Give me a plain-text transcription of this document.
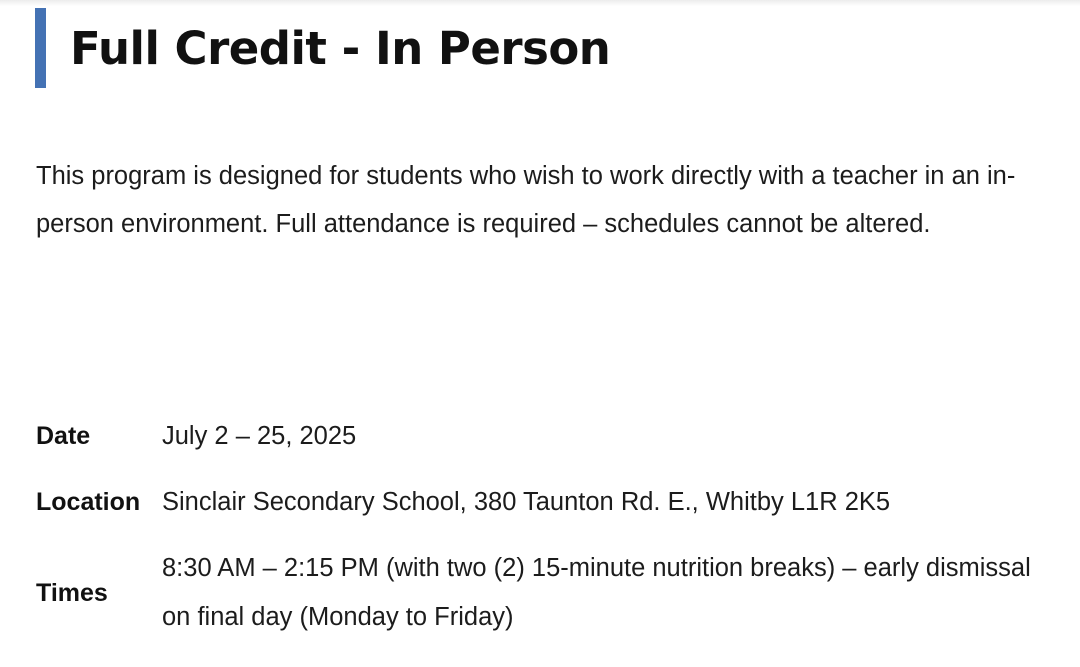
Full Credit - In Person

This program is designed for students who wish to work directly with a teacher in an in-person environment. Full attendance is required – schedules cannot be altered.

Date	July 2 – 25, 2025
Location Sinclair Secondary School, 380 Taunton Rd. E., Whitby L1R 2K5
Times
8:30 AM – 2:15 PM (with two (2) 15-minute nutrition breaks) – early dismissal on final day (Monday to Friday)
